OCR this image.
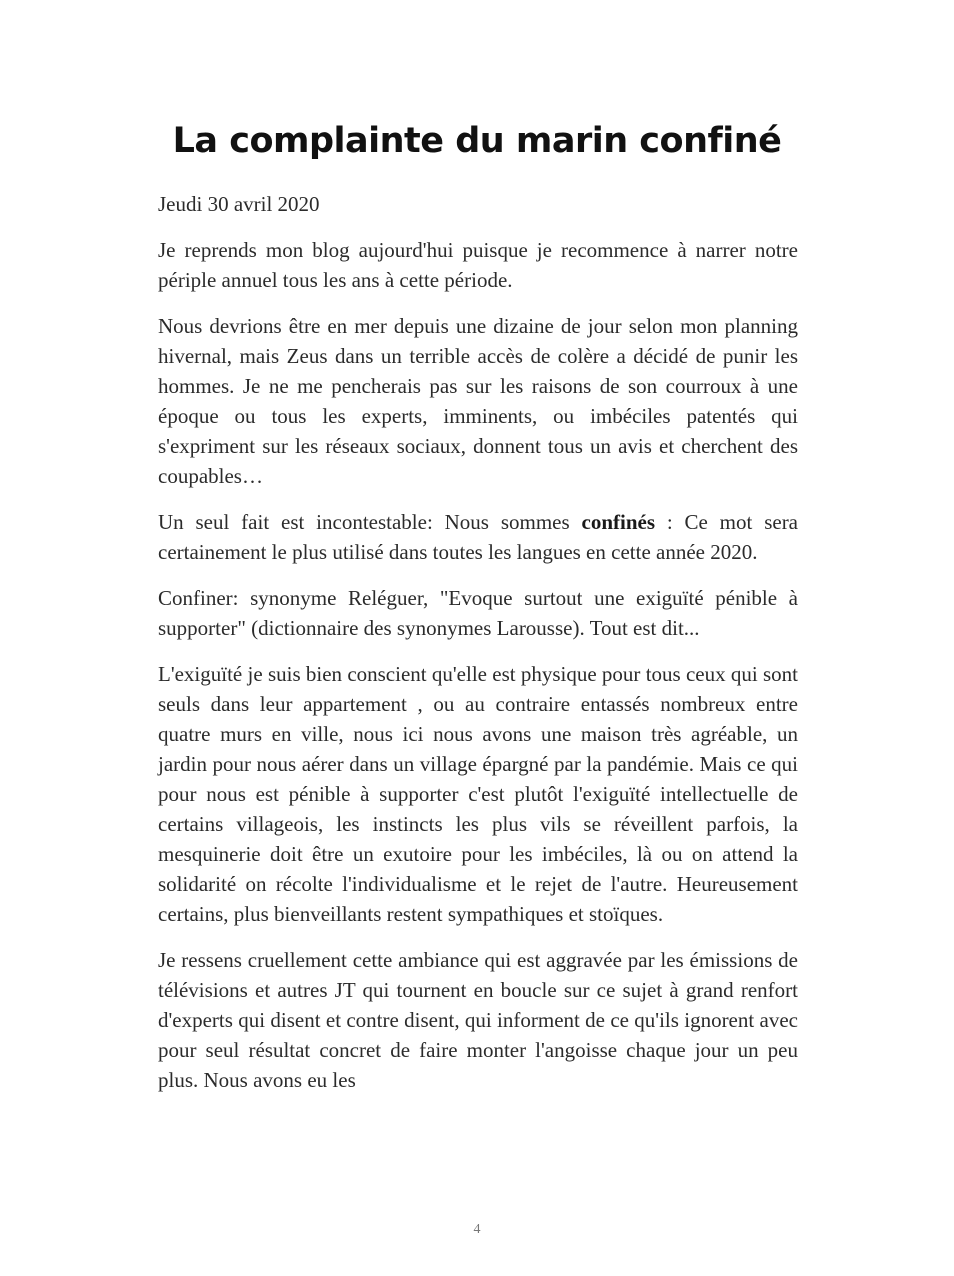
La complainte du marin confiné

Jeudi 30 avril 2020

Je reprends mon blog aujourd'hui puisque je recommence à narrer notre périple annuel tous les ans à cette période.

Nous devrions être en mer depuis une dizaine de jour selon mon planning hivernal, mais Zeus dans un terrible accès de colère a décidé de punir les hommes. Je ne me pencherais pas sur les raisons de son courroux à une époque ou tous les experts, imminents, ou imbéciles patentés qui s'expriment sur les réseaux sociaux, donnent tous un avis et cherchent des coupables…

Un seul fait est incontestable: Nous sommes confinés : Ce mot sera certainement le plus utilisé dans toutes les langues en cette année 2020.

Confiner: synonyme Reléguer, "Evoque surtout une exiguïté pénible à supporter" (dictionnaire des synonymes Larousse). Tout est dit...

L'exiguïté je suis bien conscient qu'elle est physique pour tous ceux qui sont seuls dans leur appartement , ou au contraire entassés nombreux entre quatre murs en ville, nous ici nous avons une maison très agréable, un jardin pour nous aérer dans un village épargné par la pandémie. Mais ce qui pour nous est pénible à supporter c'est plutôt l'exiguïté intellectuelle de certains villageois, les instincts les plus vils se réveillent parfois, la mesquinerie doit être un exutoire pour les imbéciles, là ou on attend la solidarité on récolte l'individualisme et le rejet de l'autre. Heureusement certains, plus bienveillants restent sympathiques et stoïques.

Je ressens cruellement cette ambiance qui est aggravée par les émissions de télévisions et autres JT qui tournent en boucle sur ce sujet à grand renfort d'experts qui disent et contre disent, qui informent de ce qu'ils ignorent avec pour seul résultat concret de faire monter l'angoisse chaque jour un peu plus. Nous avons eu les

4
